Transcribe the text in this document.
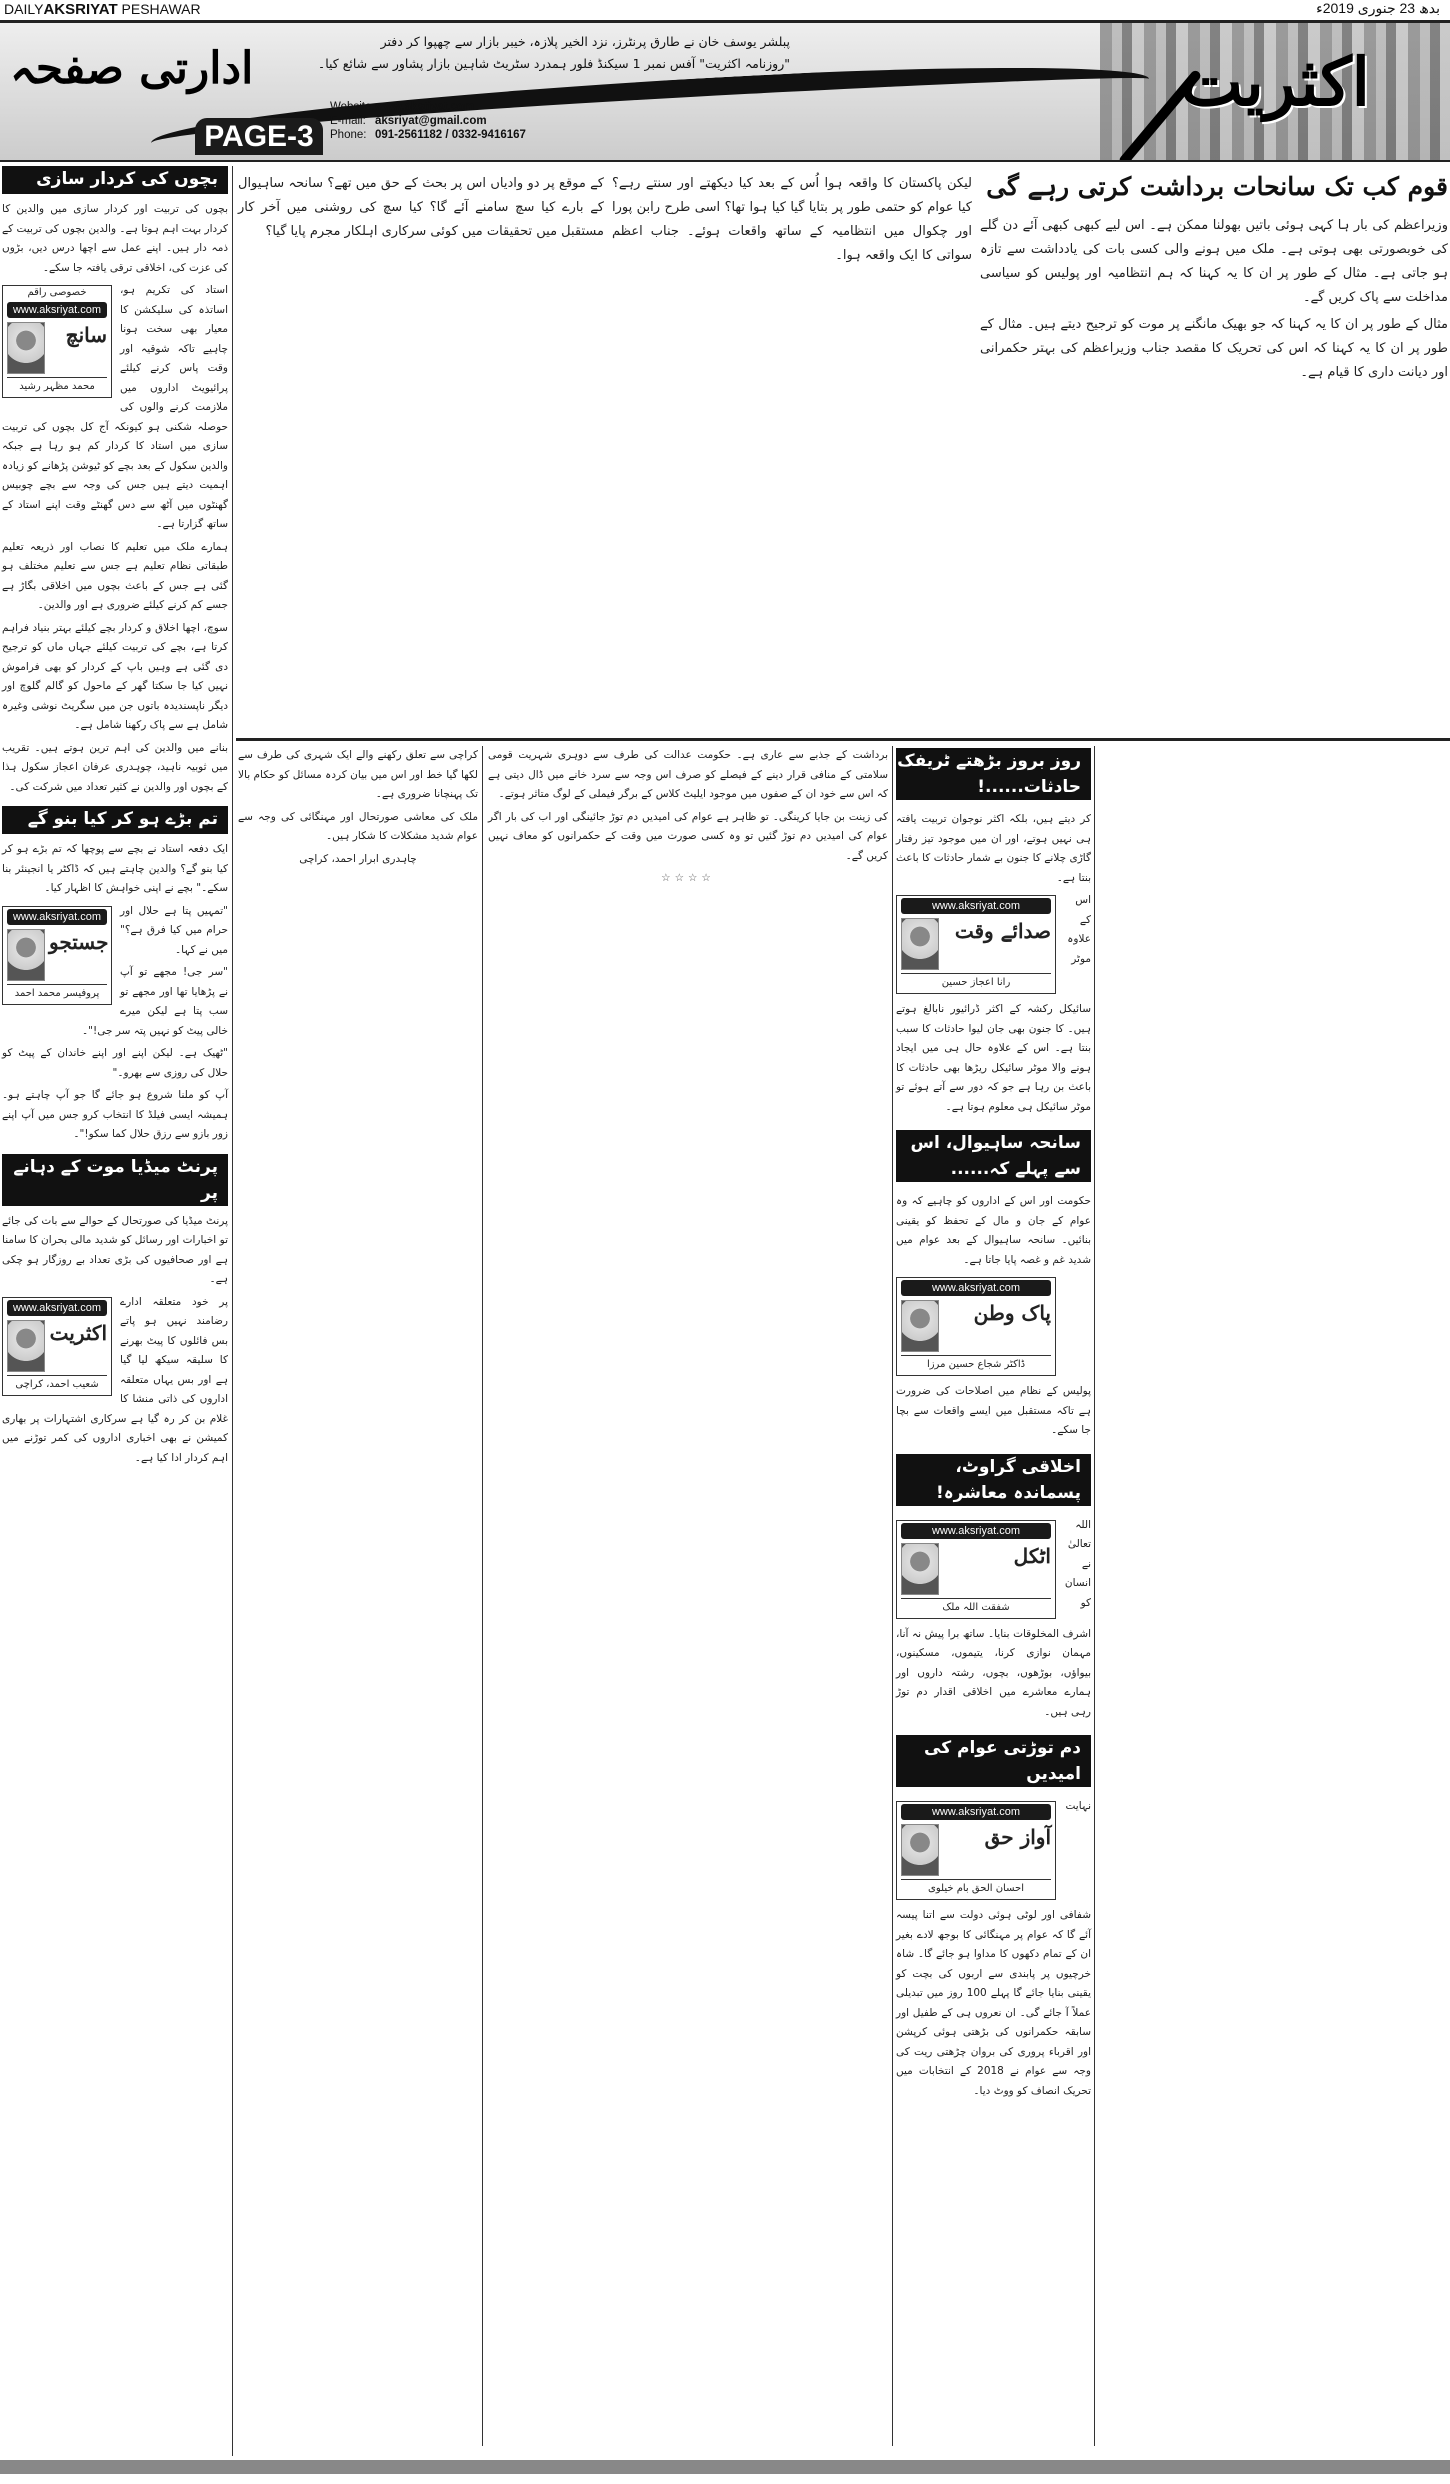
DAILYAKSRIYAT PESHAWAR	بدھ 23 جنوری 2019ء
اکثریت
ادارتی صفحہ
پبلشر یوسف خان نے طارق پرنٹرز، نزد الخیر پلازہ، خیبر بازار سے چھپوا کر دفتر
"روزنامہ اکثریت" آفس نمبر 1 سیکنڈ فلور ہمدرد سٹریٹ شاہین بازار پشاور سے شائع کیا۔
PAGE-3
Website:www.akstiyat.com
E-mail: aksriyat@gmail.com
Phone: 091-2561182 / 0332-9416167
بچوں کی کردار سازی

بچوں کی تربیت اور کردار سازی میں والدین کا کردار بہت اہم ہوتا ہے۔ والدین بچوں کی تربیت کے ذمہ دار ہیں۔ اپنے عمل سے اچھا درس دیں، بڑوں کی عزت کی، اخلاقی ترقی یافتہ جا سکے۔

خصوصی راقم
www.aksriyat.com
سانچ
محمد مظہر رشید

استاد کی تکریم ہو، اساتذہ کی سلیکشن کا معیار بھی سخت ہونا چاہیے تاکہ شوقیہ اور وقت پاس کرنے کیلئے پرائیویٹ اداروں میں ملازمت کرنے والوں کی حوصلہ شکنی ہو کیونکہ آج کل بچوں کی تربیت سازی میں استاد کا کردار کم ہو رہا ہے جبکہ والدین سکول کے بعد بچے کو ٹیوشن پڑھانے کو زیادہ اہمیت دیتے ہیں جس کی وجہ سے بچے چوبیس گھنٹوں میں آٹھ سے دس گھنٹے وقت اپنے استاد کے ساتھ گزارتا ہے۔

ہمارے ملک میں تعلیم کا نصاب اور ذریعہ تعلیم طبقاتی نظام تعلیم ہے جس سے تعلیم مختلف ہو گئی ہے جس کے باعث بچوں میں اخلاقی بگاڑ ہے جسے کم کرنے کیلئے ضروری ہے اور والدین۔

سوچ، اچھا اخلاق و کردار بچے کیلئے بہتر بنیاد فراہم کرتا ہے، بچے کی تربیت کیلئے جہاں ماں کو ترجیح دی گئی ہے وہیں باپ کے کردار کو بھی فراموش نہیں کیا جا سکتا گھر کے ماحول کو گالم گلوچ اور دیگر ناپسندیدہ باتوں جن میں سگریٹ نوشی وغیرہ شامل ہے سے پاک رکھنا شامل ہے۔

بنانے میں والدین کی اہم ترین ہوتے ہیں۔ تقریب میں ثوبیہ ناہید، چوہدری عرفان اعجاز سکول ہذا کے بچوں اور والدین نے کثیر تعداد میں شرکت کی۔

تم بڑے ہو کر کیا بنو گے

ایک دفعہ استاد نے بچے سے پوچھا کہ تم بڑے ہو کر کیا بنو گے؟ والدین چاہتے ہیں کہ ڈاکٹر یا انجینئر بنا سکے۔" بچے نے اپنی خواہش کا اظہار کیا۔

www.aksriyat.com
جستجو
پروفیسر محمد احمد

"تمہیں پتا ہے حلال اور حرام میں کیا فرق ہے؟" میں نے کہا۔

"سر جی! مجھے تو آپ نے پڑھایا تھا اور مجھے تو سب پتا ہے لیکن میرے خالی پیٹ کو نہیں پتہ سر جی!"۔

"ٹھیک ہے۔ لیکن اپنے اور اپنے خاندان کے پیٹ کو حلال کی روزی سے بھرو۔"

آپ کو ملنا شروع ہو جائے گا جو آپ چاہتے ہو۔ ہمیشہ ایسی فیلڈ کا انتخاب کرو جس میں آپ اپنے زور بازو سے رزق حلال کما سکو!"۔

پرنٹ میڈیا موت کے دہانے پر

پرنٹ میڈیا کی صورتحال کے حوالے سے بات کی جائے تو اخبارات اور رسائل کو شدید مالی بحران کا سامنا ہے اور صحافیوں کی بڑی تعداد بے روزگار ہو چکی ہے۔

www.aksriyat.com
اکثریت
شعیب احمد، کراچی

پر خود متعلقہ ادارے رضامند نہیں ہو پاتے بس فائلوں کا پیٹ بھرنے کا سلیقہ سیکھ لیا گیا ہے اور بس یہاں متعلقہ اداروں کی ذاتی منشا کا غلام بن کر رہ گیا ہے سرکاری اشتہارات پر بھاری کمیشن نے بھی اخباری اداروں کی کمر توڑنے میں اہم کردار ادا کیا ہے۔

قوم کب تک سانحات برداشت کرتی رہے گی

وزیراعظم کی بار ہا کہی ہوئی باتیں بھولنا ممکن ہے۔ اس لیے کبھی کبھی آئے دن گلے کی خوبصورتی بھی ہوتی ہے۔ ملک میں ہونے والی کسی بات کی یادداشت سے تازہ ہو جاتی ہے۔ مثال کے طور پر ان کا یہ کہنا کہ ہم انتظامیہ اور پولیس کو سیاسی مداخلت سے پاک کریں گے۔

مثال کے طور پر ان کا یہ کہنا کہ جو بھیک مانگنے پر موت کو ترجیح دیتے ہیں۔ مثال کے طور پر ان کا یہ کہنا کہ اس کی تحریک کا مقصد جناب وزیراعظم کی بہتر حکمرانی اور دیانت داری کا قیام ہے۔

لیکن پاکستان کا واقعہ ہوا اُس کے بعد کیا دیکھتے اور سنتے رہے؟ کیا عوام کو حتمی طور پر بتایا گیا کیا ہوا تھا؟ اسی طرح رابن پورا اور چکوال میں انتظامیہ کے ساتھ واقعات ہوئے۔ جناب اعظم سواتی کا ایک واقعہ ہوا۔

کے موقع پر دو وادیاں اس پر بحث کے حق میں تھے؟ سانحہ ساہیوال کے بارے کیا سچ سامنے آئے گا؟ کیا سچ کی روشنی میں آخر کار مستقبل میں تحقیقات میں کوئی سرکاری اہلکار مجرم پایا گیا؟

کراچی سے تعلق رکھنے والے ایک شہری کی طرف سے لکھا گیا خط اور اس میں بیان کردہ مسائل کو حکام بالا تک پہنچانا ضروری ہے۔

ملک کی معاشی صورتحال اور مہنگائی کی وجہ سے عوام شدید مشکلات کا شکار ہیں۔

چاہدری ابرار احمد، کراچی

برداشت کے جذبے سے عاری ہے۔ حکومت عدالت کی طرف سے دوہری شہریت قومی سلامتی کے منافی قرار دینے کے فیصلے کو صرف اس وجہ سے سرد خانے میں ڈال دیتی ہے کہ اس سے خود ان کے صفوں میں موجود ایلیٹ کلاس کے برگر فیملی کے لوگ متاثر ہوتے۔

کی زینت بن جایا کرینگی۔ تو ظاہر ہے عوام کی امیدیں دم توڑ جائینگی اور اب کی بار اگر عوام کی امیدیں دم توڑ گئیں تو وہ کسی صورت میں وقت کے حکمرانوں کو معاف نہیں کریں گے۔

☆☆☆☆

روز بروز بڑھتے ٹریفک حادثات......!

کر دیتے ہیں، بلکہ اکثر نوجوان تربیت یافتہ ہی نہیں ہوتے، اور ان میں موجود تیز رفتار گاڑی چلانے کا جنون بے شمار حادثات کا باعث بنتا ہے۔

www.aksriyat.com
صدائے وقت
رانا اعجاز حسین

اس کے علاوہ موٹر سائیکل رکشہ کے اکثر ڈرائیور نابالغ ہوتے ہیں۔ کا جنون بھی جان لیوا حادثات کا سبب بنتا ہے۔ اس کے علاوہ حال ہی میں ایجاد ہونے والا موٹر سائیکل ریڑھا بھی حادثات کا باعث بن رہا ہے جو کہ دور سے آتے ہوئے تو موٹر سائیکل ہی معلوم ہوتا ہے۔

سانحہ ساہیوال، اس سے پہلے کہ......

حکومت اور اس کے اداروں کو چاہیے کہ وہ عوام کے جان و مال کے تحفظ کو یقینی بنائیں۔ سانحہ ساہیوال کے بعد عوام میں شدید غم و غصہ پایا جاتا ہے۔

www.aksriyat.com
پاک وطن
ڈاکٹر شجاع حسین مرزا

پولیس کے نظام میں اصلاحات کی ضرورت ہے تاکہ مستقبل میں ایسے واقعات سے بچا جا سکے۔

اخلاقی گراوٹ، پسماندہ معاشرہ!
www.aksriyat.com
اٹکل
شفقت اللہ ملک

اللہ تعالیٰ نے انسان کو اشرف المخلوقات بنایا۔ ساتھ برا پیش نہ آنا، مہمان نوازی کرنا، یتیموں، مسکینوں، بیواؤں، بوڑھوں، بچوں، رشتہ داروں اور ہمارے معاشرے میں اخلاقی اقدار دم توڑ رہی ہیں۔

دم توڑتی عوام کی امیدیں
www.aksriyat.com
آواز حق
احسان الحق بام خیلوی

نہایت شفافی اور لوٹی ہوئی دولت سے اتنا پیسہ آئے گا کہ عوام پر مہنگائی کا بوجھ لادے بغیر ان کے تمام دکھوں کا مداوا ہو جائے گا۔ شاہ خرچیوں پر پابندی سے اربوں کی بچت کو یقینی بنایا جائے گا پہلے 100 روز میں تبدیلی عملاً آ جائے گی۔ ان نعروں ہی کے طفیل اور سابقہ حکمرانوں کی بڑھتی ہوئی کرپشن اور اقرباء پروری کی بروان چڑھتی ریت کی وجہ سے عوام نے 2018 کے انتخابات میں تحریک انصاف کو ووٹ دیا۔
